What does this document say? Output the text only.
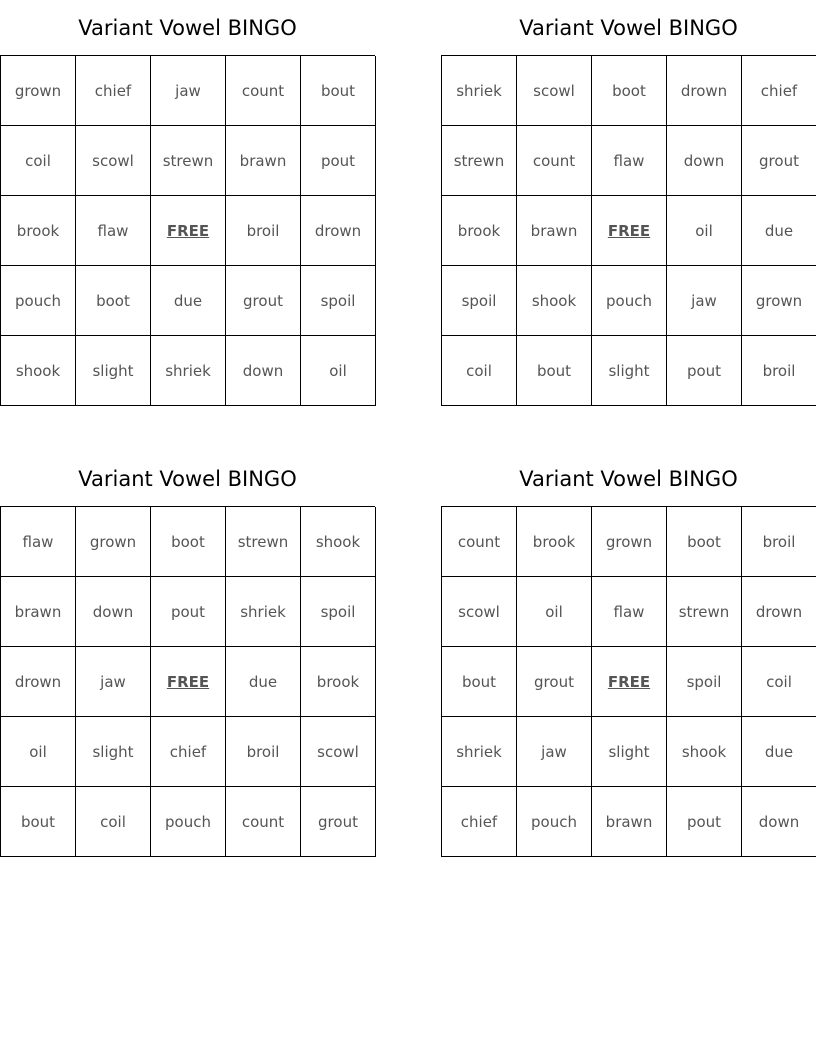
Variant Vowel BINGO
grown	chief	jaw	count	bout
coil	scowl	strewn	brawn	pout
brook	flaw	FREE	broil	drown
pouch	boot	due	grout	spoil
shook	slight	shriek	down	oil
Variant Vowel BINGO
shriek	scowl	boot	drown	chief
strewn	count	flaw	down	grout
brook	brawn	FREE	oil	due
spoil	shook	pouch	jaw	grown
coil	bout	slight	pout	broil
Variant Vowel BINGO
flaw	grown	boot	strewn	shook
brawn	down	pout	shriek	spoil
drown	jaw	FREE	due	brook
oil	slight	chief	broil	scowl
bout	coil	pouch	count	grout
Variant Vowel BINGO
count	brook	grown	boot	broil
scowl	oil	flaw	strewn	drown
bout	grout	FREE	spoil	coil
shriek	jaw	slight	shook	due
chief	pouch	brawn	pout	down
